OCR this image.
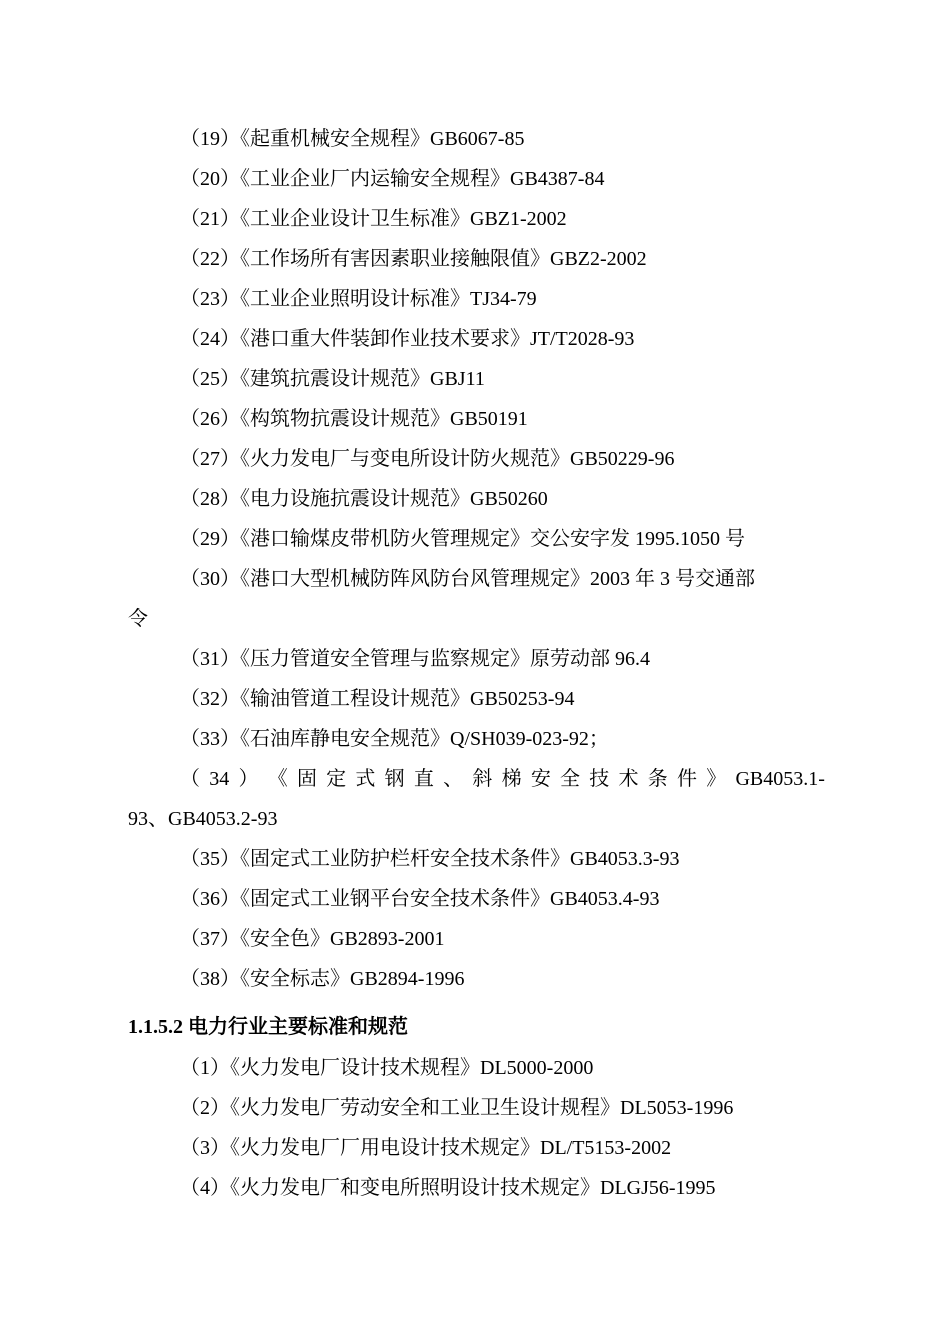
（19）《起重机械安全规程》GB6067-85
（20）《工业企业厂内运输安全规程》GB4387-84
（21）《工业企业设计卫生标准》GBZ1-2002
（22）《工作场所有害因素职业接触限值》GBZ2-2002
（23）《工业企业照明设计标准》TJ34-79
（24）《港口重大件装卸作业技术要求》JT/T2028-93
（25）《建筑抗震设计规范》GBJ11
（26）《构筑物抗震设计规范》GB50191
（27）《火力发电厂与变电所设计防火规范》GB50229-96
（28）《电力设施抗震设计规范》GB50260
（29）《港口输煤皮带机防火管理规定》交公安字发 1995.1050 号
（30）《港口大型机械防阵风防台风管理规定》2003 年 3 号交通部
令
（31）《压力管道安全管理与监察规定》原劳动部 96.4
（32）《输油管道工程设计规范》GB50253-94
（33）《石油库静电安全规范》Q/SH039-023-92；
（ 34 ） 《 固 定 式 钢 直 、 斜 梯 安 全 技 术 条 件 》 GB4053.1-
93、GB4053.2-93
（35）《固定式工业防护栏杆安全技术条件》GB4053.3-93
（36）《固定式工业钢平台安全技术条件》GB4053.4-93
（37）《安全色》GB2893-2001
（38）《安全标志》GB2894-1996
1.1.5.2 电力行业主要标准和规范
（1）《火力发电厂设计技术规程》DL5000-2000
（2）《火力发电厂劳动安全和工业卫生设计规程》DL5053-1996
（3）《火力发电厂厂用电设计技术规定》DL/T5153-2002
（4）《火力发电厂和变电所照明设计技术规定》DLGJ56-1995
